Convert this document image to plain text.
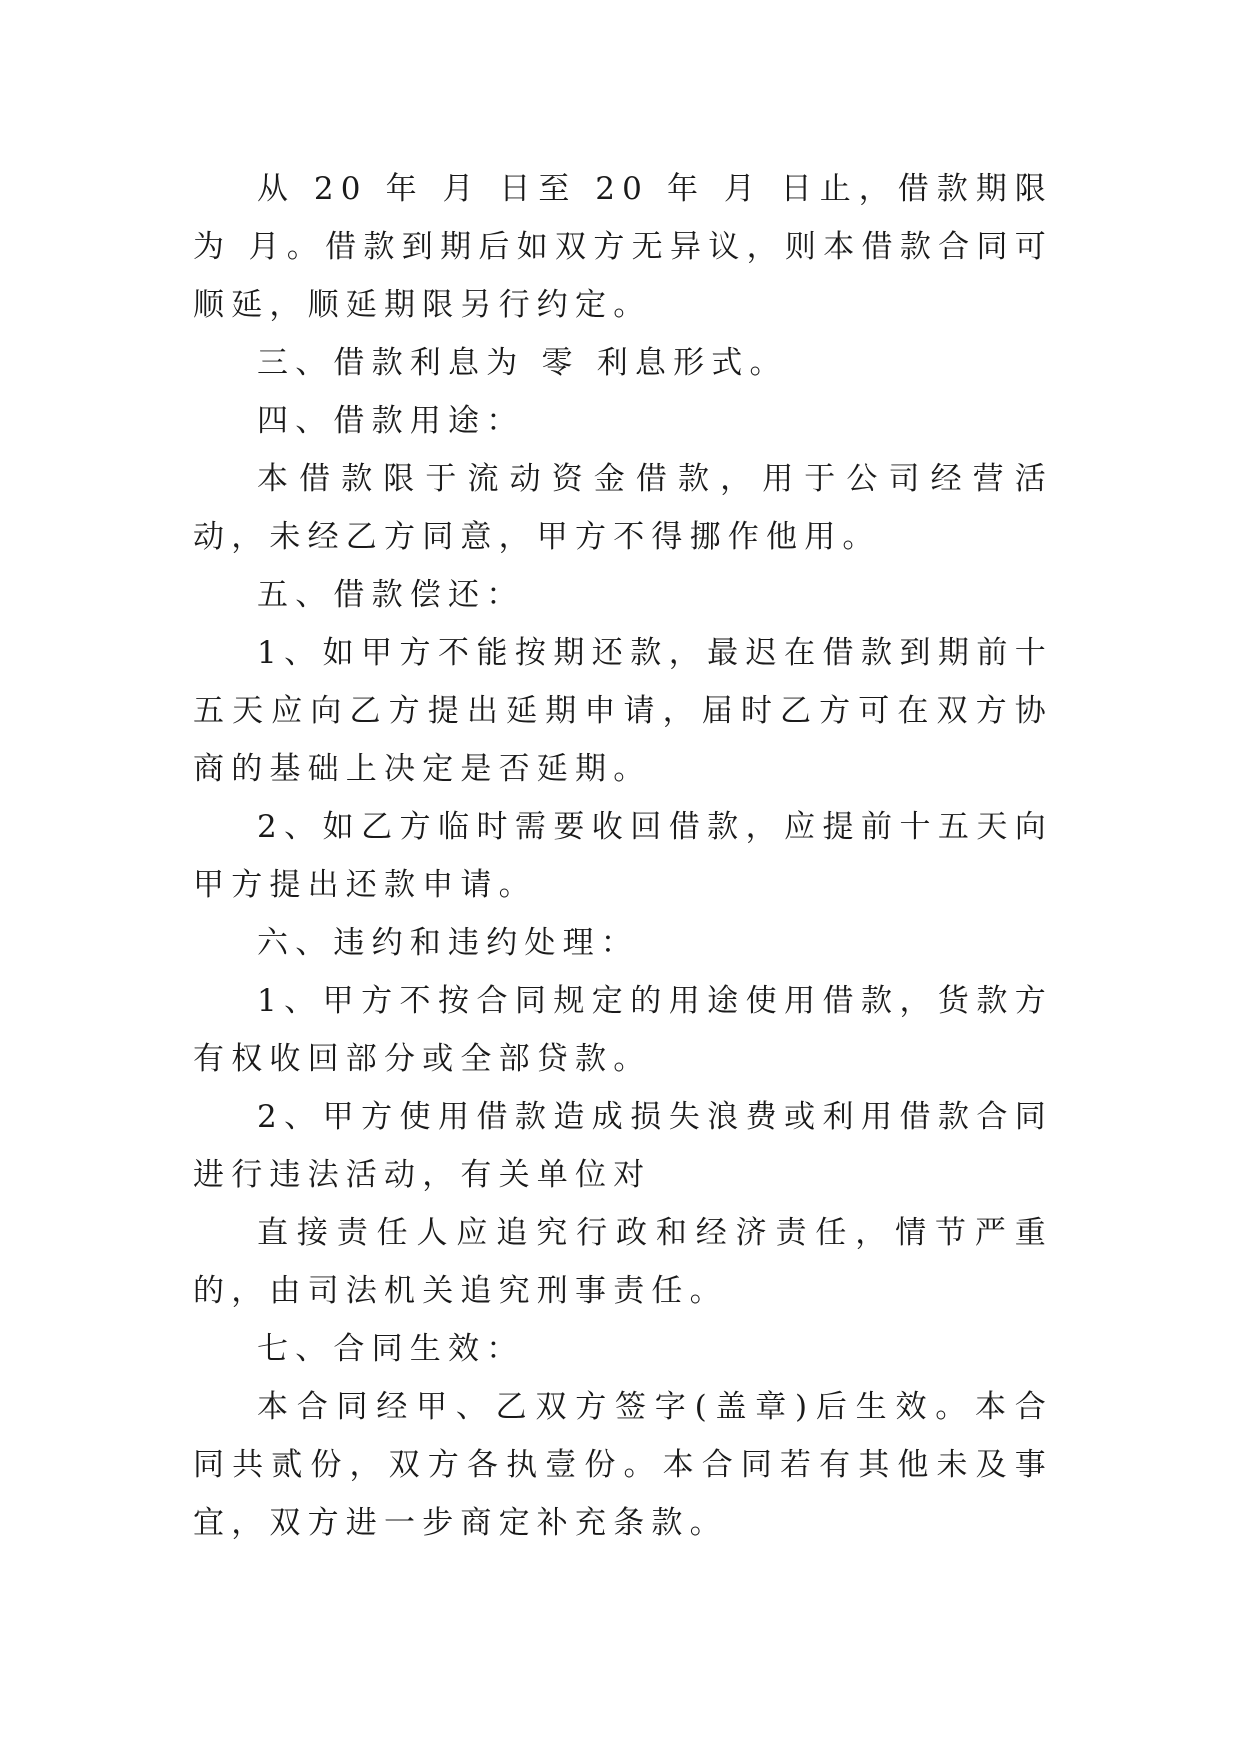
从 20 年 月 日至 20 年 月 日止，借款期限为 月。借款到期后如双方无异议，则本借款合同可顺延，顺延期限另行约定。

三、借款利息为 零 利息形式。

四、借款用途：

本借款限于流动资金借款，用于公司经营活动，未经乙方同意，甲方不得挪作他用。

五、借款偿还：

1、如甲方不能按期还款，最迟在借款到期前十五天应向乙方提出延期申请，届时乙方可在双方协商的基础上决定是否延期。

2、如乙方临时需要收回借款，应提前十五天向甲方提出还款申请。

六、违约和违约处理：

1、甲方不按合同规定的用途使用借款，货款方有权收回部分或全部贷款。

2、甲方使用借款造成损失浪费或利用借款合同进行违法活动，有关单位对

直接责任人应追究行政和经济责任，情节严重的，由司法机关追究刑事责任。

七、合同生效：

本合同经甲、乙双方签字(盖章)后生效。本合同共贰份，双方各执壹份。本合同若有其他未及事宜，双方进一步商定补充条款。
